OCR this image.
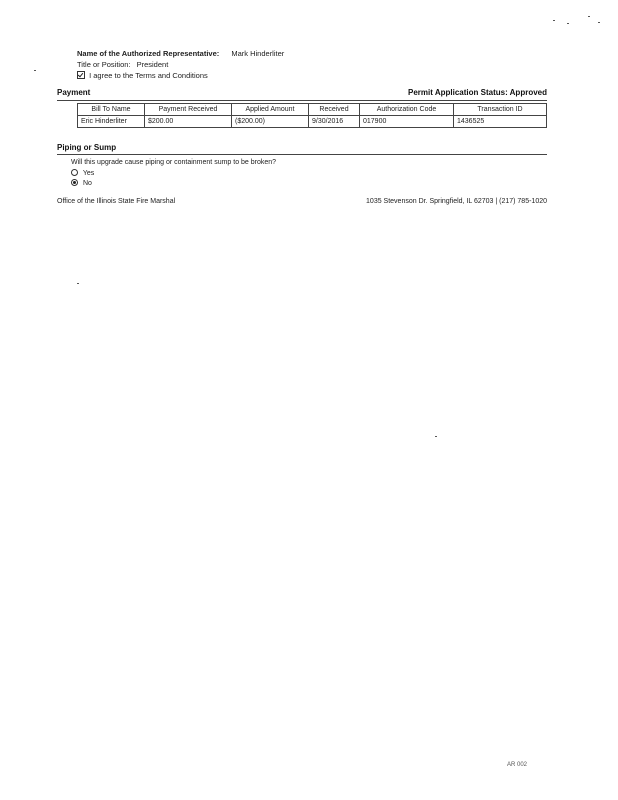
Name of the Authorized Representative: Mark Hinderliter
Title or Position: President
I agree to the Terms and Conditions
Payment	Permit Application Status: Approved
Bill To Name	Payment Received	Applied Amount	Received	Authorization Code	Transaction ID
Eric Hinderliter	$200.00	($200.00)	9/30/2016	017900	1436525
Piping or Sump
Will this upgrade cause piping or containment sump to be broken?
Yes
No
Office of the Illinois State Fire Marshal	1035 Stevenson Dr. Springfield, IL 62703 | (217) 785-1020
AR 002
